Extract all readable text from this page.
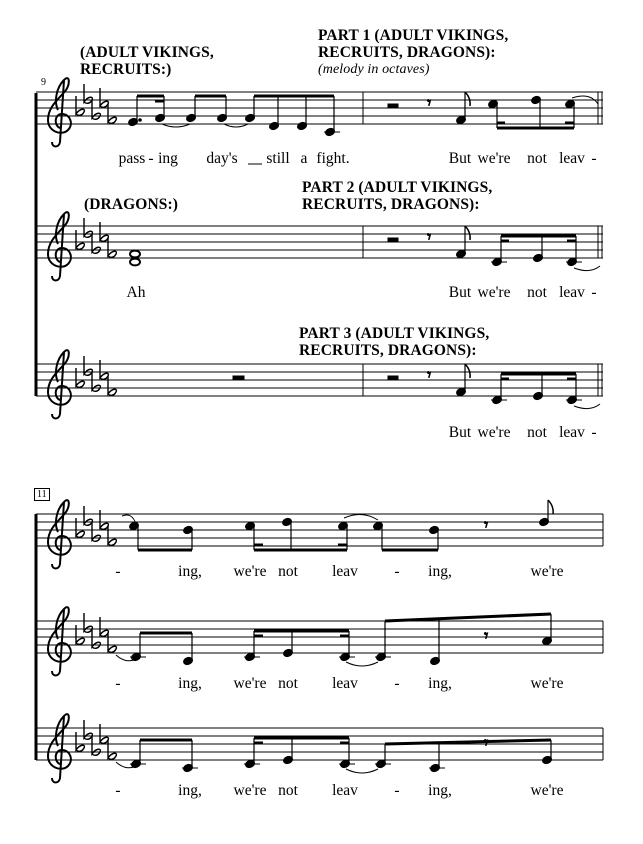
(ADULT VIKINGS,
RECRUITS:)
PART 1 (ADULT VIKINGS,
RECRUITS, DRAGONS):
(melody in octaves)
(DRAGONS:)
PART 2 (ADULT VIKINGS,
RECRUITS, DRAGONS):
PART 3 (ADULT VIKINGS,
RECRUITS, DRAGONS):
9
11
𝄾
𝄾
𝄾
𝄾
𝄾
𝄾
pass - ing day's still a fight.	But we're not leav -
Ah	But we're not leav -
But we're not leav -
-	ing, we're not leav - ing,	we're
-	ing, we're not leav - ing,	we're
-	ing, we're not leav - ing,	we're
